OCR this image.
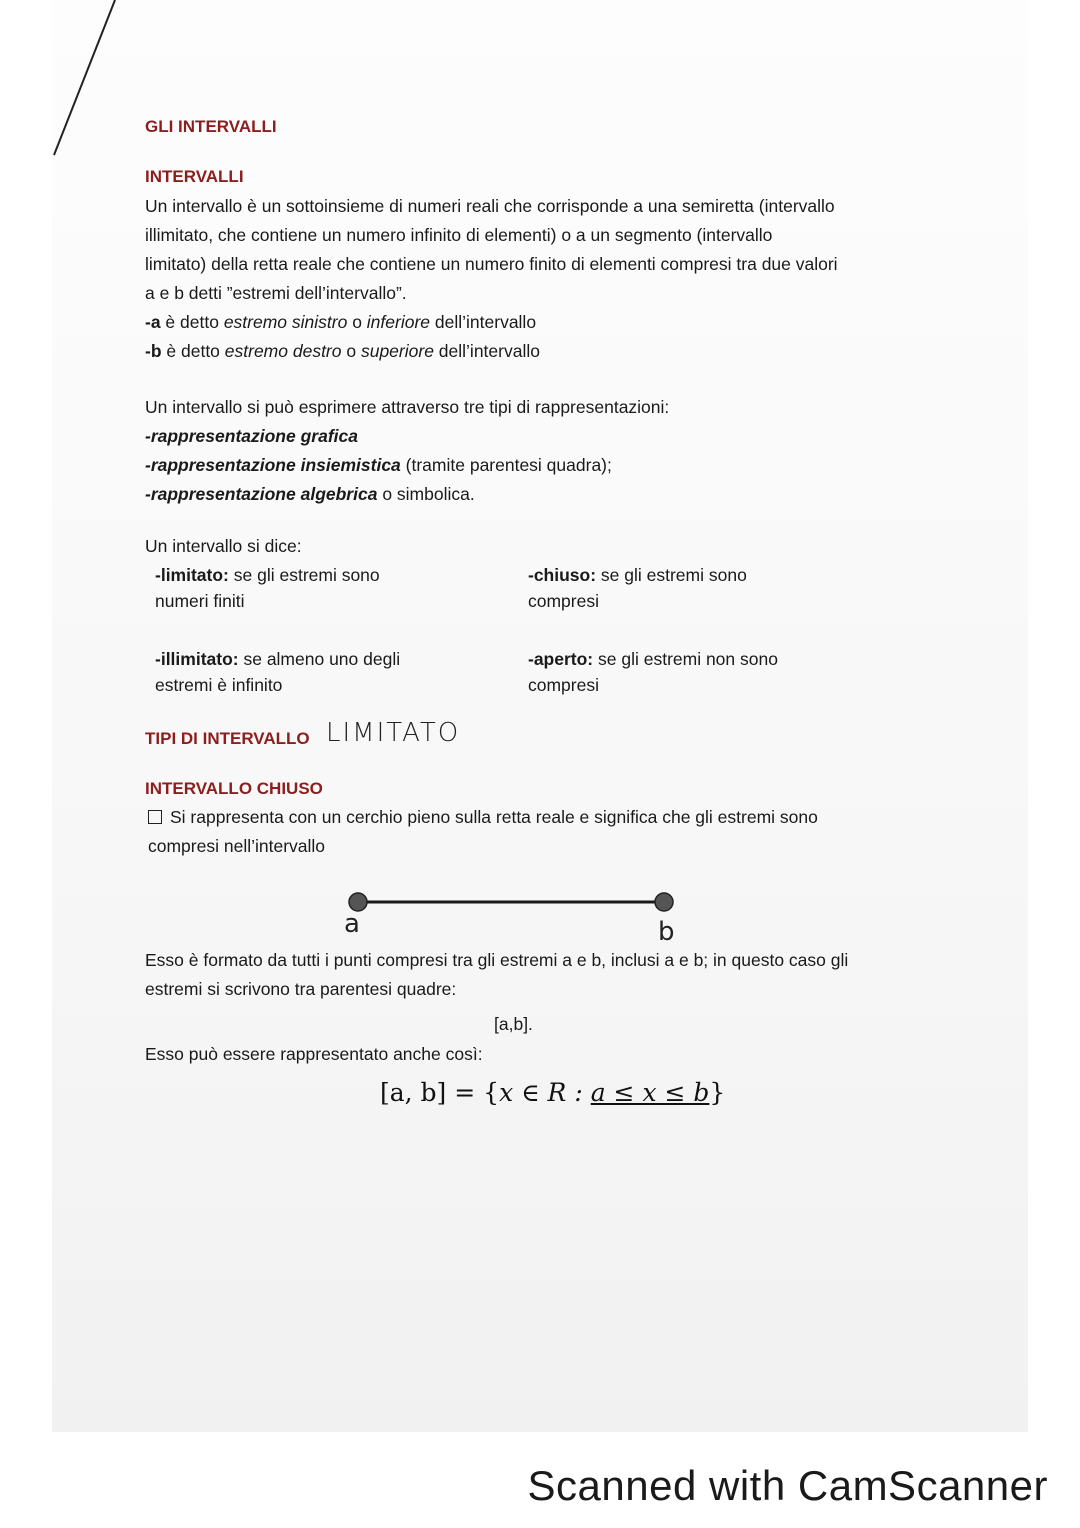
GLI INTERVALLI
INTERVALLI

Un intervallo è un sottoinsieme di numeri reali che corrisponde a una semiretta (intervallo

illimitato, che contiene un numero infinito di elementi) o a un segmento (intervallo

limitato) della retta reale che contiene un numero finito di elementi compresi tra due valori

a e b detti ”estremi dell’intervallo”.

-a è detto estremo sinistro o inferiore dell’intervallo

-b è detto estremo destro o superiore dell’intervallo

Un intervallo si può esprimere attraverso tre tipi di rappresentazioni:

-rappresentazione grafica

-rappresentazione insiemistica (tramite parentesi quadra);

-rappresentazione algebrica o simbolica.

Un intervallo si dice:
-limitato: se gli estremi sono
numeri finiti
-chiuso: se gli estremi sono
compresi
-illimitato: se almeno uno degli
estremi è infinito
-aperto: se gli estremi non sono
compresi
TIPI DI INTERVALLO LIMITATO
INTERVALLO CHIUSO
Si rappresenta con un cerchio pieno sulla retta reale e significa che gli estremi sono
compresi nell’intervallo
a	b
Esso è formato da tutti i punti compresi tra gli estremi a e b, inclusi a e b; in questo caso gli
estremi si scrivono tra parentesi quadre:
[a,b].
Esso può essere rappresentato anche così:
[a, b] = {x ∈ R : a ≤ x ≤ b}
Scanned with CamScanner
